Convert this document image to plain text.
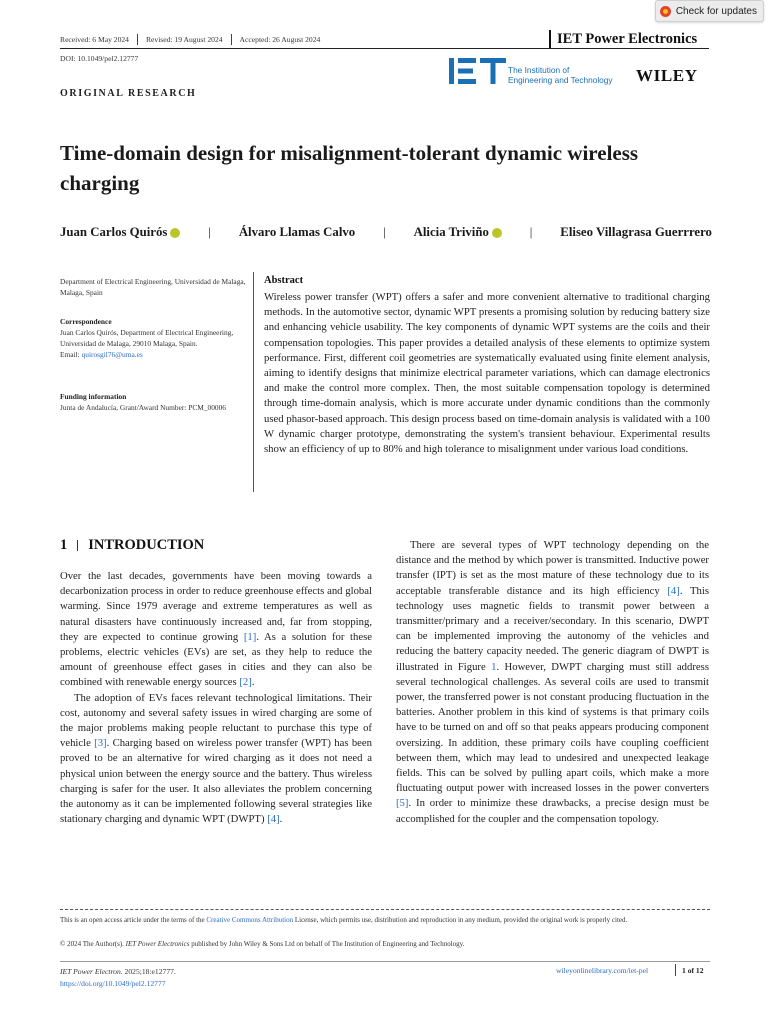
Check for updates
Received: 6 May 2024 Revised: 19 August 2024 Accepted: 26 August 2024	IET Power Electronics
DOI: 10.1049/pel2.12777
The Institution of
Engineering and Technology WILEY
ORIGINAL RESEARCH
Time-domain design for misalignment-tolerant dynamic wireless charging
Juan Carlos Quirós	| Álvaro Llamas Calvo | Alicia Triviño	| Eliseo Villagrasa Guerrrero
Department of Electrical Engineering, Universidad de Malaga, Malaga, Spain
Correspondence
Juan Carlos Quirós, Department of Electrical Engineering, Universidad de Malaga, 29010 Malaga, Spain.
Email: quirosgil76@uma.es
Funding information
Junta de Andalucía, Grant/Award Number: PCM_00006
Abstract
Wireless power transfer (WPT) offers a safer and more convenient alternative to traditional charging methods. In the automotive sector, dynamic WPT presents a promising solution by reducing battery size and enhancing vehicle usability. The key components of dynamic WPT systems are the coils and their compensation topologies. This paper provides a detailed analysis of these elements to optimize system performance. First, different coil geometries are systematically evaluated using finite element analysis, aiming to identify designs that minimize electrical parameter variations, which can damage electronics and make the control more complex. Then, the most suitable compensation topology is determined through time-domain analysis, which is more accurate under dynamic conditions than the commonly used phasor-based approach. This design process based on time-domain analysis is validated with a 100 W dynamic charger prototype, demonstrating the system's transient behaviour. Experimental results show an efficiency of up to 80% and high tolerance to misalignment under various load conditions.
1 INTRODUCTION

Over the last decades, governments have been moving towards a decarbonization process in order to reduce greenhouse effects and global warming. Since 1979 average and extreme temperatures as well as natural disasters have continuously increased and, far from stopping, they are expected to continue growing [1]. As a solution for these problems, electric vehicles (EVs) are set, as they help to reduce the amount of greenhouse effect gases in cities and they can also be combined with renewable energy sources [2].

The adoption of EVs faces relevant technological limitations. Their cost, autonomy and several safety issues in wired charging are some of the major problems making people reluctant to purchase this type of vehicle [3]. Charging based on wireless power transfer (WPT) has been proved to be an alternative for wired charging as it does not need a physical union between the energy source and the battery. Thus wireless charging is safer for the user. It also alleviates the problem concerning the autonomy as it can be implemented following several strategies like stationary charging and dynamic WPT (DWPT) [4].

There are several types of WPT technology depending on the distance and the method by which power is transmitted. Inductive power transfer (IPT) is set as the most mature of these technology due to its acceptable transferable distance and its high efficiency [4]. This technology uses magnetic fields to transmit power between a transmitter/primary and a receiver/secondary. In this scenario, DWPT can be implemented improving the autonomy of the vehicles and reducing the battery capacity needed. The generic diagram of DWPT is illustrated in Figure 1. However, DWPT charging must still address several technological challenges. As several coils are used to transmit power, the transferred power is not constant producing fluctuation in the batteries. Another problem in this kind of systems is that primary coils have to be turned on and off so that peaks appears producing component oversizing. In addition, these primary coils have coupling coefficient between them, which may lead to undesired and unexpected leakage fields. This can be solved by pulling apart coils, which make a more fluctuating output power with increased losses in the power converters [5]. In order to minimize these drawbacks, a precise design must be accomplished for the coupler and the compensation topology.

This is an open access article under the terms of the Creative Commons Attribution License, which permits use, distribution and reproduction in any medium, provided the original work is properly cited.
© 2024 The Author(s). IET Power Electronics published by John Wiley & Sons Ltd on behalf of The Institution of Engineering and Technology.
IET Power Electron. 2025;18:e12777.
https://doi.org/10.1049/pel2.12777
wileyonlinelibrary.com/iet-pel	1 of 12
